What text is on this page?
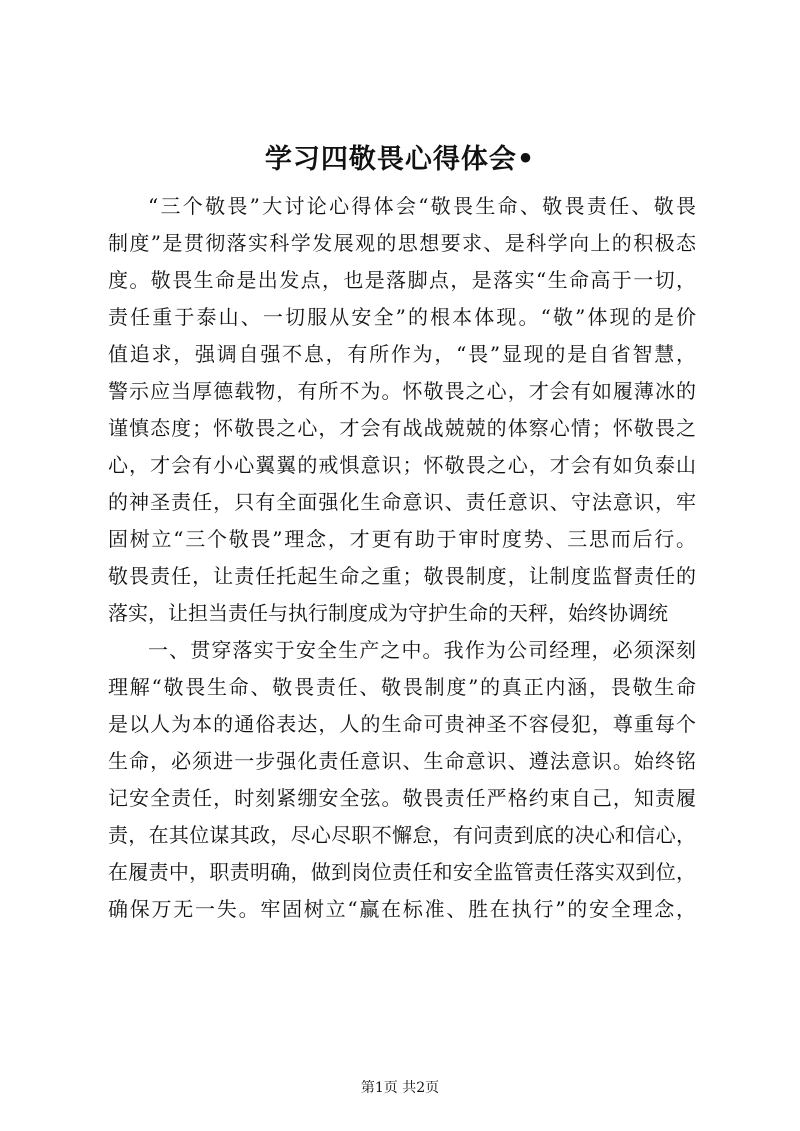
学习四敬畏心得体会•
“三个敬畏”大讨论心得体会“敬畏生命、敬畏责任、敬畏
制度”是贯彻落实科学发展观的思想要求、是科学向上的积极态
度。敬畏生命是出发点，也是落脚点，是落实“生命高于一切，
责任重于泰山、一切服从安全”的根本体现。“敬”体现的是价
值追求，强调自强不息，有所作为，“畏”显现的是自省智慧，
警示应当厚德载物，有所不为。怀敬畏之心，才会有如履薄冰的
谨慎态度；怀敬畏之心，才会有战战兢兢的体察心情；怀敬畏之
心，才会有小心翼翼的戒惧意识；怀敬畏之心，才会有如负泰山
的神圣责任，只有全面强化生命意识、责任意识、守法意识，牢
固树立“三个敬畏”理念，才更有助于审时度势、三思而后行。
敬畏责任，让责任托起生命之重；敬畏制度，让制度监督责任的
落实，让担当责任与执行制度成为守护生命的天秤，始终协调统
一、贯穿落实于安全生产之中。我作为公司经理，必须深刻
理解“敬畏生命、敬畏责任、敬畏制度”的真正内涵，畏敬生命
是以人为本的通俗表达，人的生命可贵神圣不容侵犯，尊重每个
生命，必须进一步强化责任意识、生命意识、遵法意识。始终铭
记安全责任，时刻紧绷安全弦。敬畏责任严格约束自己，知责履
责，在其位谋其政，尽心尽职不懈怠，有问责到底的决心和信心，
在履责中，职责明确，做到岗位责任和安全监管责任落实双到位，
确保万无一失。牢固树立“赢在标准、胜在执行”的安全理念，
第1页 共2页
